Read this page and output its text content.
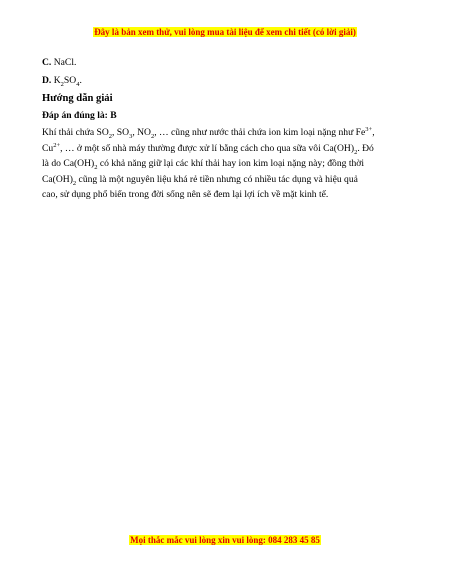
Đây là bản xem thử, vui lòng mua tài liệu để xem chi tiết (có lời giải)
C. NaCl.
D. $K_2SO_4$.
Hướng dẫn giải
Đáp án đúng là: B
Khí thải chứa $SO_2$, $SO_3$, $NO_2$, … cũng như nước thải chứa ion kim loại nặng như $Fe^{3+}$,
$Cu^{2+}$, … ở một số nhà máy thường được xử lí bằng cách cho qua sữa vôi $Ca(OH)_2$. Đó
là do $Ca(OH)_2$ có khả năng giữ lại các khí thải hay ion kim loại nặng này; đồng thời
$Ca(OH)_2$ cũng là một nguyên liệu khá rẻ tiền nhưng có nhiều tác dụng và hiệu quả
cao, sử dụng phổ biến trong đời sống nên sẽ đem lại lợi ích về mặt kinh tế.
Mọi thắc mắc vui lòng xin vui lòng: 084 283 45 85
